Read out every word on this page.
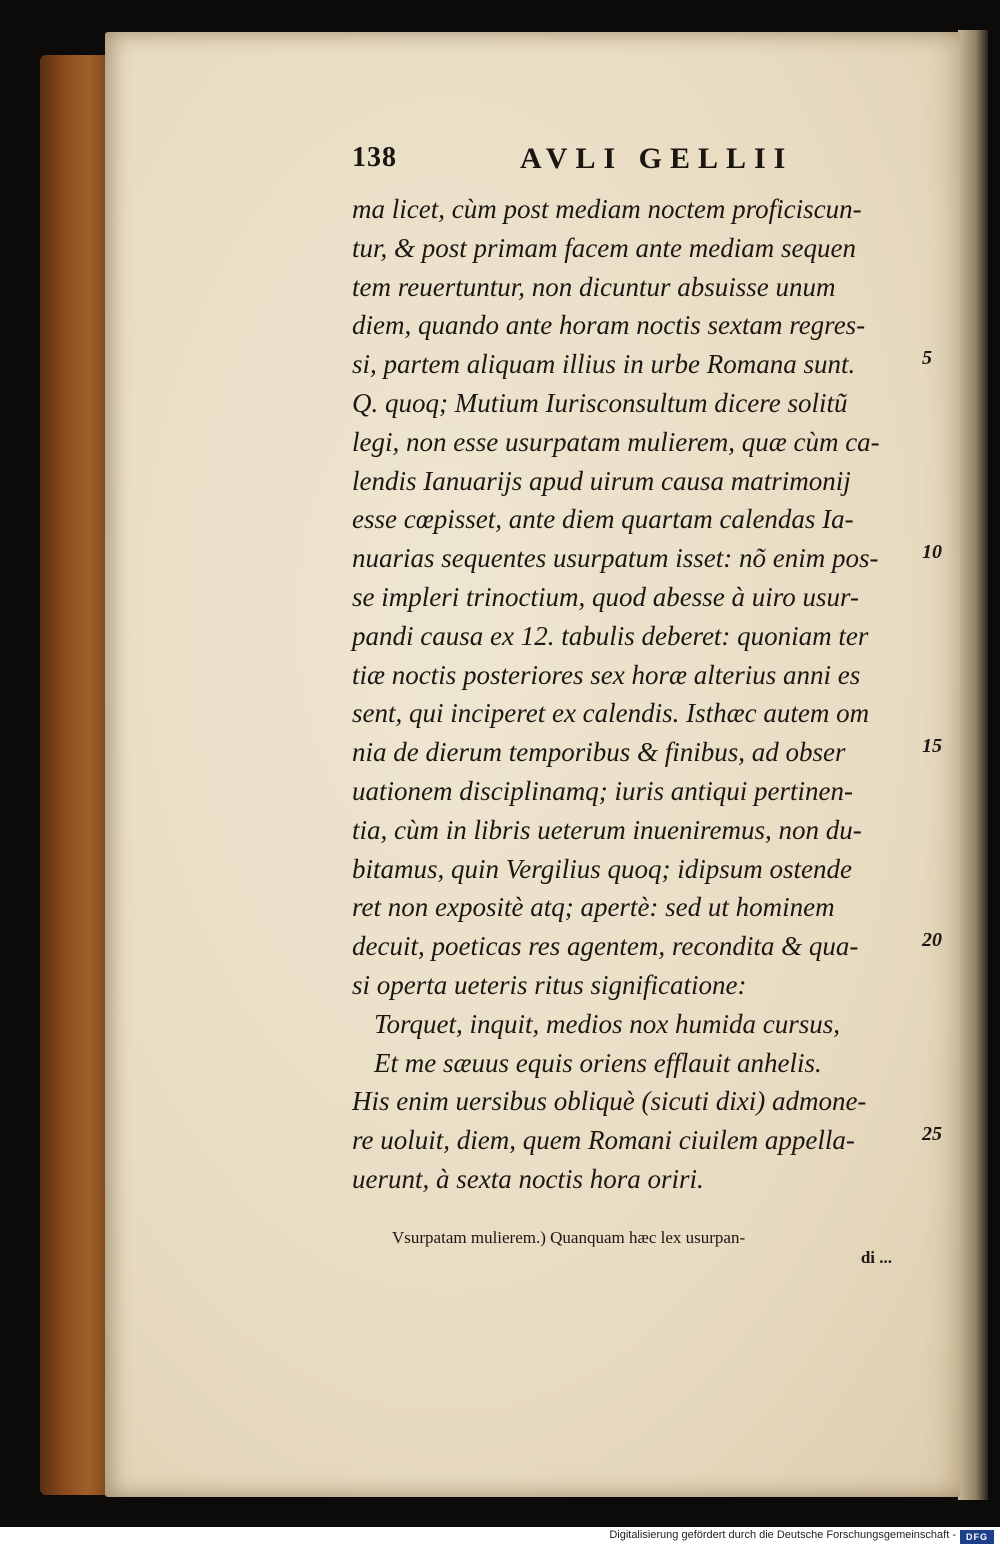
138	AVLI GELLII
ma licet, cùm post mediam noctem proficiscun-
tur, & post primam facem ante mediam sequen
tem reuertuntur, non dicuntur absuisse unum
diem, quando ante horam noctis sextam regres-
si, partem aliquam illius in urbe Romana sunt.
Q. quoq; Mutium Iurisconsultum dicere solitũ
legi, non esse usurpatam mulierem, quæ cùm ca-
lendis Ianuarijs apud uirum causa matrimonij
esse cœpisset, ante diem quartam calendas Ia-
nuarias sequentes usurpatum isset: nõ enim pos-
se impleri trinoctium, quod abesse à uiro usur-
pandi causa ex 12. tabulis deberet: quoniam ter
tiæ noctis posteriores sex horæ alterius anni es
sent, qui inciperet ex calendis. Isthæc autem om
nia de dierum temporibus & finibus, ad obser
uationem disciplinamq; iuris antiqui pertinen-
tia, cùm in libris ueterum inueniremus, non du-
bitamus, quin Vergilius quoq; idipsum ostende
ret non expositè atq; apertè: sed ut hominem
decuit, poeticas res agentem, recondita & qua-
si operta ueteris ritus significatione:
Torquet, inquit, medios nox humida cursus,
Et me sæuus equis oriens efflauit anhelis.
His enim uersibus obliquè (sicuti dixi) admone-
re uoluit, diem, quem Romani ciuilem appella-
uerunt, à sexta noctis hora oriri.
5
10
15
20
25
Vsurpatam mulierem.) Quanquam hæc lex usurpan-
di ...
Digitalisierung gefördert durch die Deutsche Forschungsgemeinschaft -	DFG
